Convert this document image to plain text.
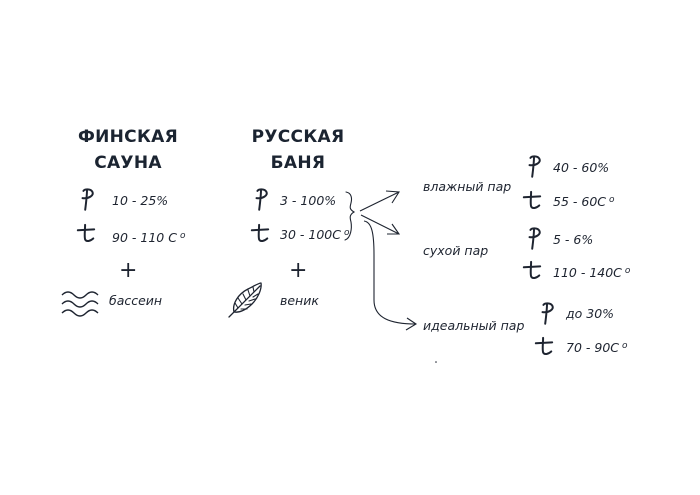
ФИНСКАЯ
САУНА
10 - 25%
90 - 110 С $^o$
+
бассеин
РУССКАЯ
БАНЯ
3 - 100%
30 - 100С $^o$
+
веник
влажный пар
сухой пар
идеальный пар
40 - 60%
55 - 60С $^o$
5 - 6%
110 - 140С $^o$
до 30%
70 - 90С $^o$
